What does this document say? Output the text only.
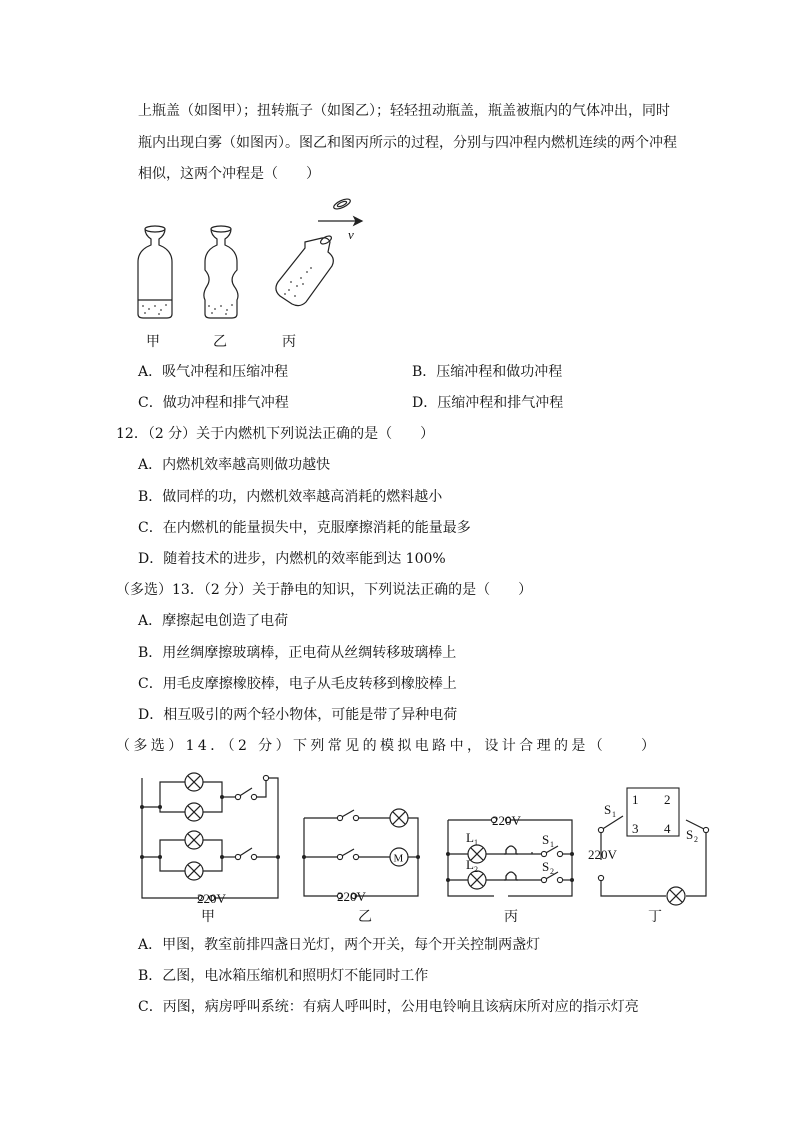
上瓶盖（如图甲）；扭转瓶子（如图乙）；轻轻扭动瓶盖，瓶盖被瓶内的气体冲出，同时
瓶内出现白雾（如图丙）。图乙和图丙所示的过程，分别与四冲程内燃机连续的两个冲程
相似，这两个冲程是（　　）
v
甲	乙	丙
A．吸气冲程和压缩冲程	B．压缩冲程和做功冲程
C．做功冲程和排气冲程	D．压缩冲程和排气冲程
12．（2 分）关于内燃机下列说法正确的是（　　）
A．内燃机效率越高则做功越快
B．做同样的功，内燃机效率越高消耗的燃料越小
C．在内燃机的能量损失中，克服摩擦消耗的能量最多
D．随着技术的进步，内燃机的效率能到达 100%
（多选）13．（2 分）关于静电的知识，下列说法正确的是（　　）
A．摩擦起电创造了电荷
B．用丝绸摩擦玻璃棒，正电荷从丝绸转移玻璃棒上
C．用毛皮摩擦橡胶棒，电子从毛皮转移到橡胶棒上
D．相互吸引的两个轻小物体，可能是带了异种电荷
（多选）14．（2 分）下列常见的模拟电路中，设计合理的是（　　）
M
220V	220V
220V
L 1
L 2
S 1
S 2
S 1
S 2
1 2
3 4
220V
甲	乙	丙	丁
A．甲图，教室前排四盏日光灯，两个开关，每个开关控制两盏灯
B．乙图，电冰箱压缩机和照明灯不能同时工作
C．丙图，病房呼叫系统：有病人呼叫时，公用电铃响且该病床所对应的指示灯亮
